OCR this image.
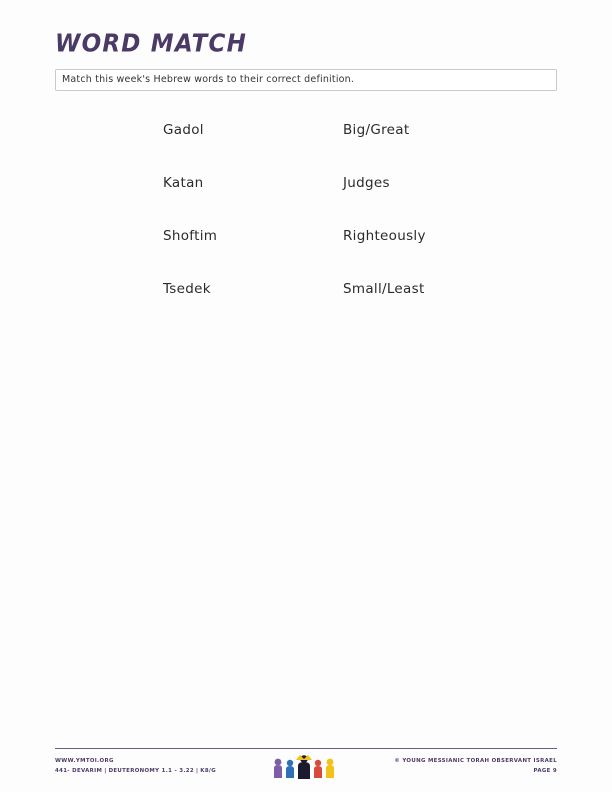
WORD MATCH
Match this week's Hebrew words to their correct definition.
Gadol	Big/Great
Katan	Judges
Shoftim	Righteously
Tsedek	Small/Least
WWW.YMTOI.ORG
441- DEVARIM | DEUTERONOMY 1.1 - 3.22 | K8/G
© YOUNG MESSIANIC TORAH OBSERVANT ISRAEL
PAGE 9
